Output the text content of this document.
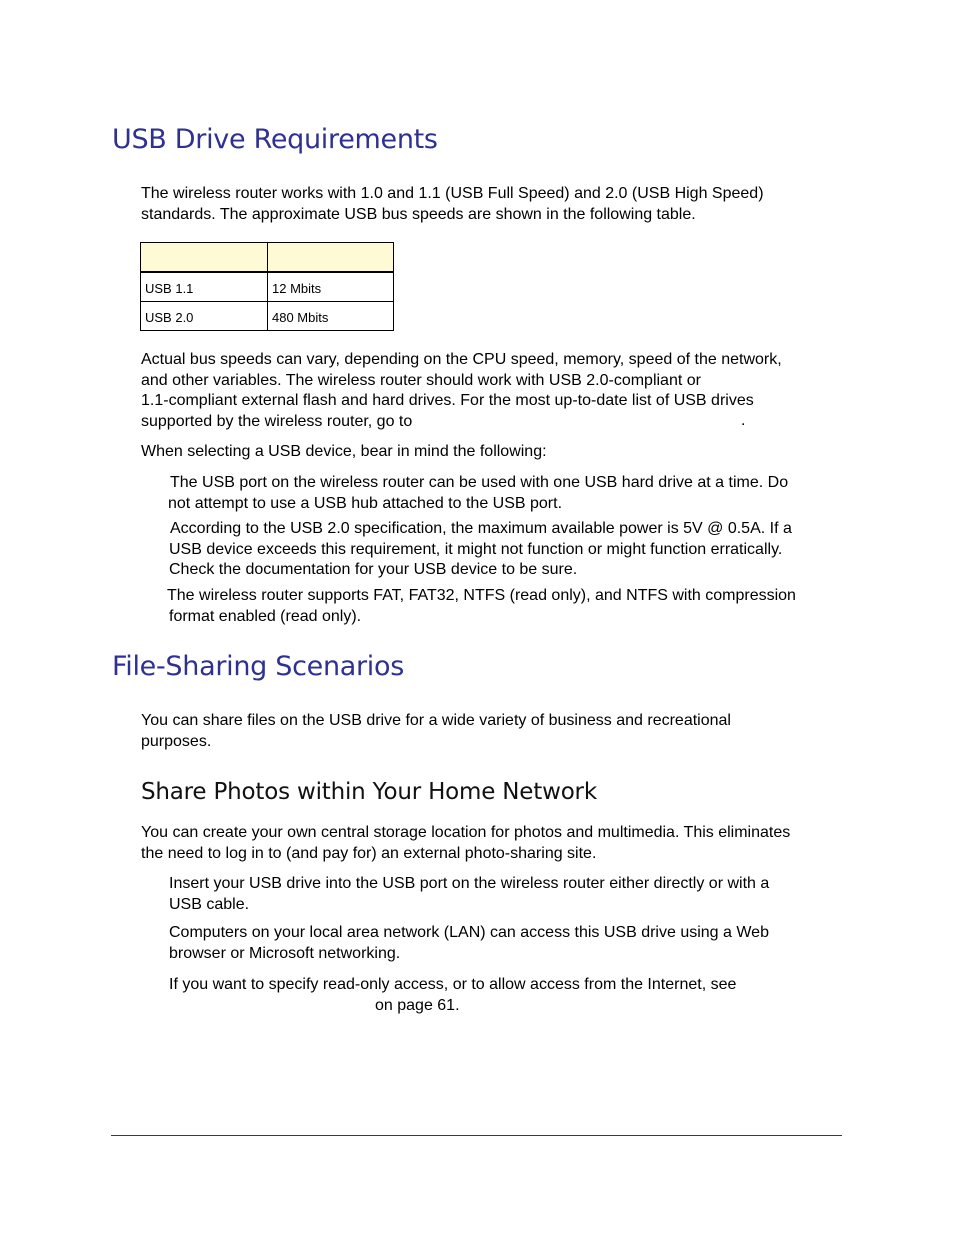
USB Drive Requirements
The wireless router works with 1.0 and 1.1 (USB Full Speed) and 2.0 (USB High Speed)
standards. The approximate USB bus speeds are shown in the following table.

USB 1.1	12 Mbits
USB 2.0	480 Mbits
Actual bus speeds can vary, depending on the CPU speed, memory, speed of the network,
and other variables. The wireless router should work with USB 2.0-compliant or
1.1-compliant external flash and hard drives. For the most up-to-date list of USB drives
supported by the wireless router, go to	.
When selecting a USB device, bear in mind the following:
The USB port on the wireless router can be used with one USB hard drive at a time. Do
not attempt to use a USB hub attached to the USB port.
According to the USB 2.0 specification, the maximum available power is 5V @ 0.5A. If a
USB device exceeds this requirement, it might not function or might function erratically.
Check the documentation for your USB device to be sure.
The wireless router supports FAT, FAT32, NTFS (read only), and NTFS with compression
format enabled (read only).
File-Sharing Scenarios
You can share files on the USB drive for a wide variety of business and recreational
purposes.
Share Photos within Your Home Network
You can create your own central storage location for photos and multimedia. This eliminates
the need to log in to (and pay for) an external photo-sharing site.
Insert your USB drive into the USB port on the wireless router either directly or with a
USB cable.
Computers on your local area network (LAN) can access this USB drive using a Web
browser or Microsoft networking.
If you want to specify read-only access, or to allow access from the Internet, see
on page 61.
